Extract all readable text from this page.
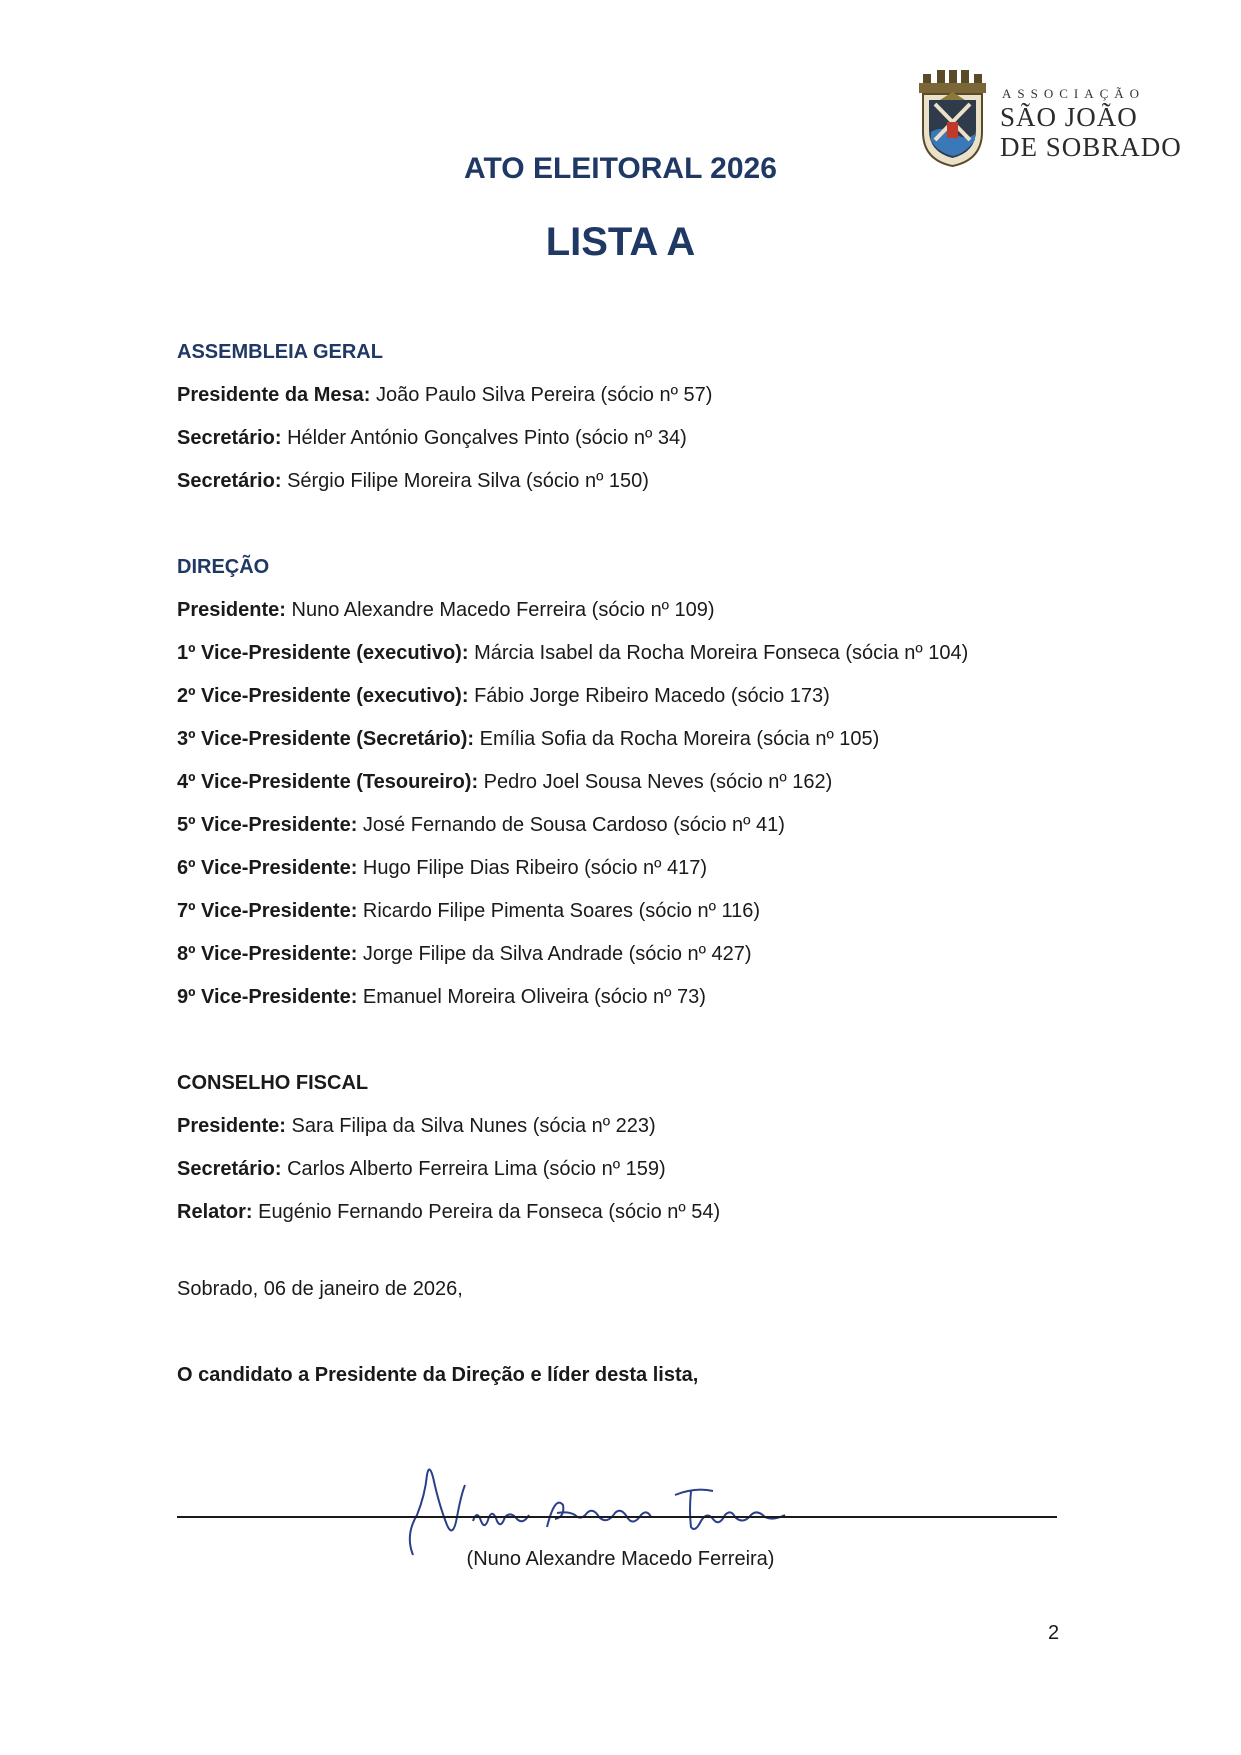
ASSOCIAÇÃO
SÃO JOÃO
DE SOBRADO
ATO ELEITORAL 2026
LISTA A
ASSEMBLEIA GERAL
Presidente da Mesa: João Paulo Silva Pereira (sócio nº 57)
Secretário: Hélder António Gonçalves Pinto (sócio nº 34)
Secretário: Sérgio Filipe Moreira Silva (sócio nº 150)
DIREÇÃO
Presidente: Nuno Alexandre Macedo Ferreira (sócio nº 109)
1º Vice-Presidente (executivo): Márcia Isabel da Rocha Moreira Fonseca (sócia nº 104)
2º Vice-Presidente (executivo): Fábio Jorge Ribeiro Macedo (sócio 173)
3º Vice-Presidente (Secretário): Emília Sofia da Rocha Moreira (sócia nº 105)
4º Vice-Presidente (Tesoureiro): Pedro Joel Sousa Neves (sócio nº 162)
5º Vice-Presidente: José Fernando de Sousa Cardoso (sócio nº 41)
6º Vice-Presidente: Hugo Filipe Dias Ribeiro (sócio nº 417)
7º Vice-Presidente: Ricardo Filipe Pimenta Soares (sócio nº 116)
8º Vice-Presidente: Jorge Filipe da Silva Andrade (sócio nº 427)
9º Vice-Presidente: Emanuel Moreira Oliveira (sócio nº 73)
CONSELHO FISCAL
Presidente: Sara Filipa da Silva Nunes (sócia nº 223)
Secretário: Carlos Alberto Ferreira Lima (sócio nº 159)
Relator: Eugénio Fernando Pereira da Fonseca (sócio nº 54)
Sobrado, 06 de janeiro de 2026,
O candidato a Presidente da Direção e líder desta lista,
(Nuno Alexandre Macedo Ferreira)
2
